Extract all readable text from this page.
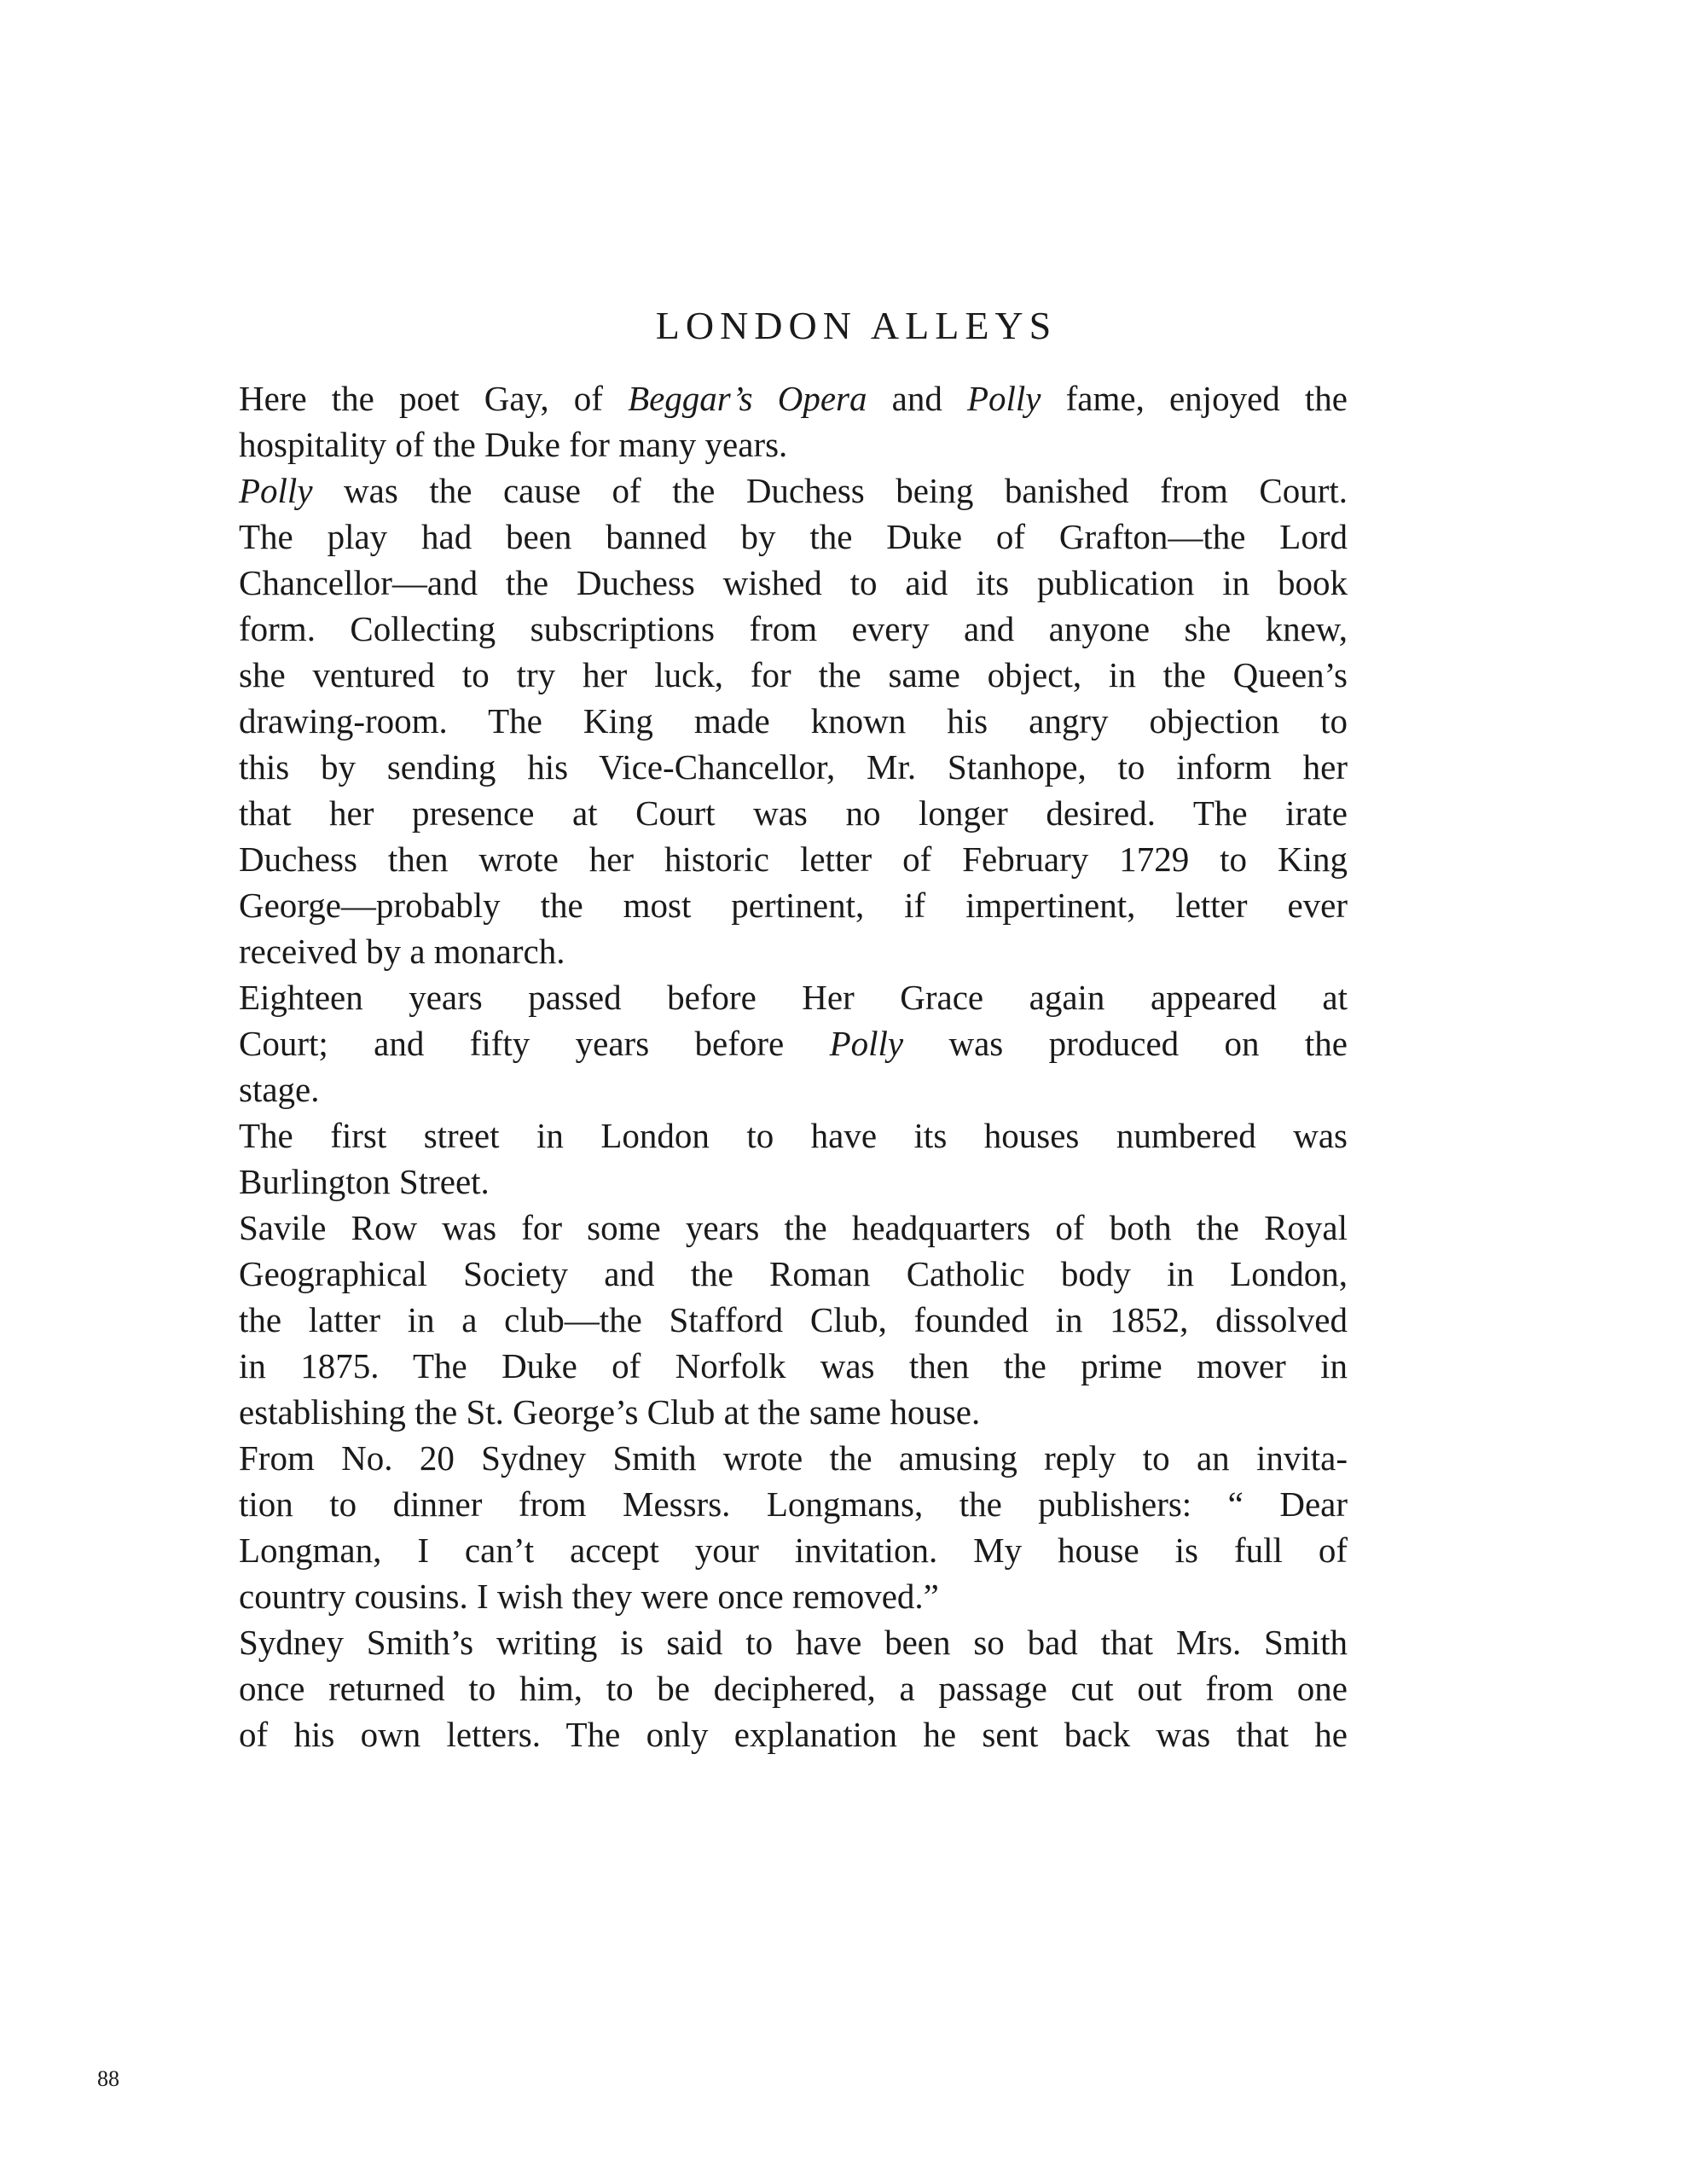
LONDON ALLEYS
Here the poet Gay, of Beggar’s Opera and Polly fame, enjoyed the
hospitality of the Duke for many years.
Polly was the cause of the Duchess being banished from Court.
The play had been banned by the Duke of Grafton—the Lord
Chancellor—and the Duchess wished to aid its publication in book
form. Collecting subscriptions from every and anyone she knew,
she ventured to try her luck, for the same object, in the Queen’s
drawing-room. The King made known his angry objection to
this by sending his Vice-Chancellor, Mr. Stanhope, to inform her
that her presence at Court was no longer desired. The irate
Duchess then wrote her historic letter of February 1729 to King
George—probably the most pertinent, if impertinent, letter ever
received by a monarch.
Eighteen years passed before Her Grace again appeared at
Court; and fifty years before Polly was produced on the
stage.
The first street in London to have its houses numbered was
Burlington Street.
Savile Row was for some years the headquarters of both the Royal
Geographical Society and the Roman Catholic body in London,
the latter in a club—the Stafford Club, founded in 1852, dissolved
in 1875. The Duke of Norfolk was then the prime mover in
establishing the St. George’s Club at the same house.
From No. 20 Sydney Smith wrote the amusing reply to an invita-
tion to dinner from Messrs. Longmans, the publishers: “ Dear
Longman, I can’t accept your invitation. My house is full of
country cousins. I wish they were once removed.”
Sydney Smith’s writing is said to have been so bad that Mrs. Smith
once returned to him, to be deciphered, a passage cut out from one
of his own letters. The only explanation he sent back was that he
88
